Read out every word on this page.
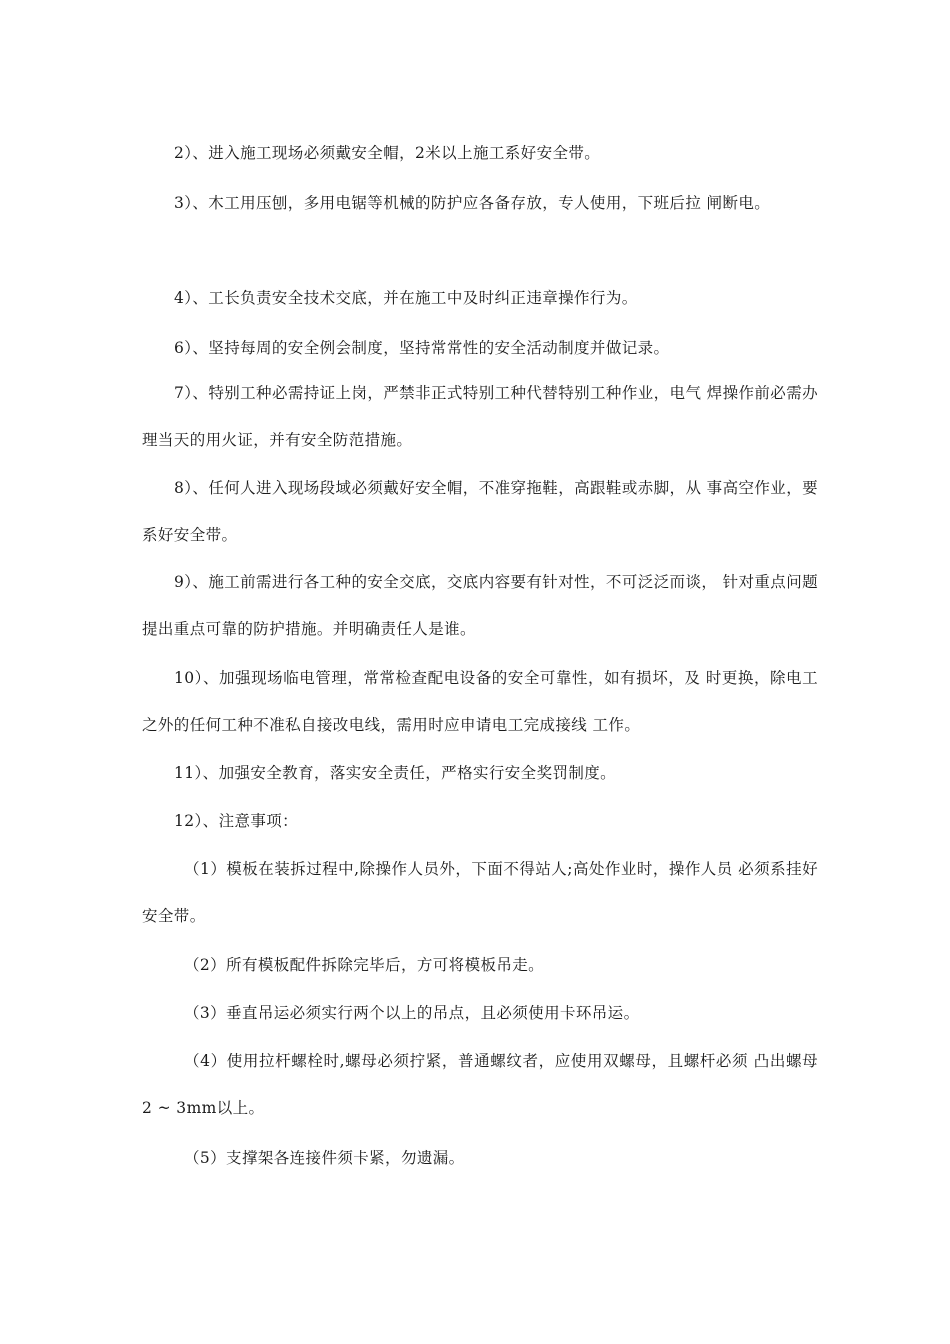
2）、进入施工现场必须戴安全帽，2米以上施工系好安全带。

3）、木工用压刨，多用电锯等机械的防护应各备存放，专人使用，下班后拉 闸断电。

4）、工长负责安全技术交底，并在施工中及时纠正违章操作行为。

6）、坚持每周的安全例会制度，坚持常常性的安全活动制度并做记录。

7）、特别工种必需持证上岗，严禁非正式特别工种代替特别工种作业，电气 焊操作前必需办理当天的用火证，并有安全防范措施。

8）、任何人进入现场段域必须戴好安全帽，不准穿拖鞋，高跟鞋或赤脚，从 事高空作业，要系好安全带。

9）、施工前需进行各工种的安全交底，交底内容要有针对性，不可泛泛而谈， 针对重点问题提出重点可靠的防护措施。并明确责任人是谁。

10）、加强现场临电管理，常常检查配电设备的安全可靠性，如有损坏，及 时更换，除电工之外的任何工种不准私自接改电线，需用时应申请电工完成接线 工作。

11）、加强安全教育，落实安全责任，严格实行安全奖罚制度。

12）、注意事项：

（1）模板在装拆过程中,除操作人员外，下面不得站人;高处作业时，操作人员 必须系挂好安全带。

（2）所有模板配件拆除完毕后，方可将模板吊走。

（3）垂直吊运必须实行两个以上的吊点，且必须使用卡环吊运。

（4）使用拉杆螺栓时,螺母必须拧紧，普通螺纹者，应使用双螺母，且螺杆必须 凸出螺母2 ~ 3mm以上。

（5）支撑架各连接件须卡紧，勿遗漏。
